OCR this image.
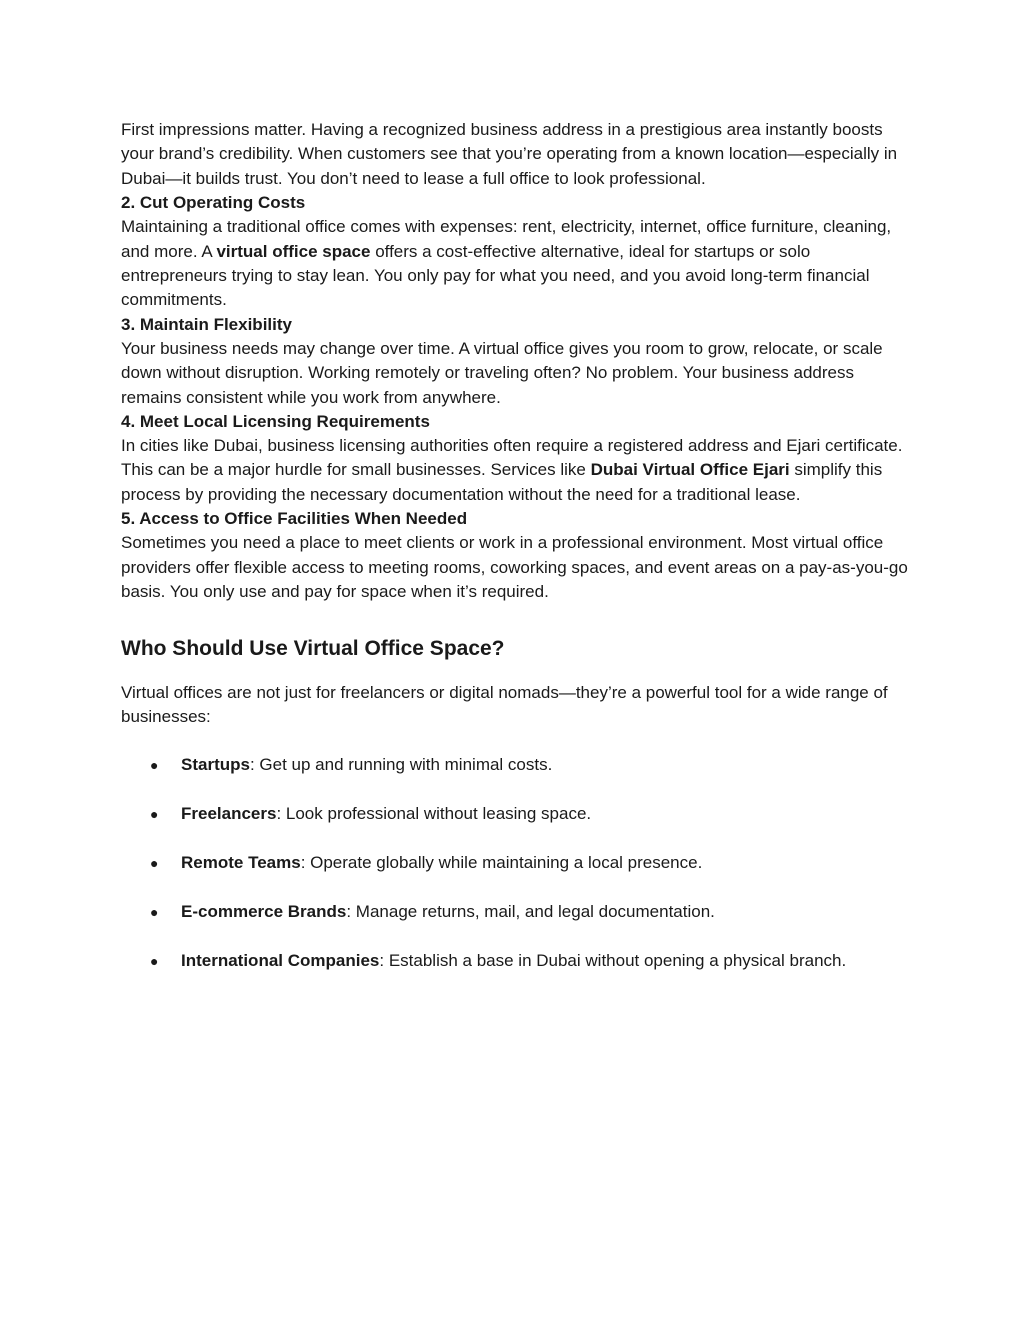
First impressions matter. Having a recognized business address in a prestigious area instantly boosts your brand’s credibility. When customers see that you’re operating from a known location—especially in Dubai—it builds trust. You don’t need to lease a full office to look professional.

2. Cut Operating Costs

Maintaining a traditional office comes with expenses: rent, electricity, internet, office furniture, cleaning, and more. A virtual office space offers a cost-effective alternative, ideal for startups or solo entrepreneurs trying to stay lean. You only pay for what you need, and you avoid long-term financial commitments.

3. Maintain Flexibility

Your business needs may change over time. A virtual office gives you room to grow, relocate, or scale down without disruption. Working remotely or traveling often? No problem. Your business address remains consistent while you work from anywhere.

4. Meet Local Licensing Requirements

In cities like Dubai, business licensing authorities often require a registered address and Ejari certificate. This can be a major hurdle for small businesses. Services like Dubai Virtual Office Ejari simplify this process by providing the necessary documentation without the need for a traditional lease.

5. Access to Office Facilities When Needed

Sometimes you need a place to meet clients or work in a professional environment. Most virtual office providers offer flexible access to meeting rooms, coworking spaces, and event areas on a pay-as-you-go basis. You only use and pay for space when it’s required.

Who Should Use Virtual Office Space?

Virtual offices are not just for freelancers or digital nomads—they’re a powerful tool for a wide range of businesses:

● Startups: Get up and running with minimal costs.
● Freelancers: Look professional without leasing space.
● Remote Teams: Operate globally while maintaining a local presence.
● E-commerce Brands: Manage returns, mail, and legal documentation.
● International Companies: Establish a base in Dubai without opening a physical branch.
